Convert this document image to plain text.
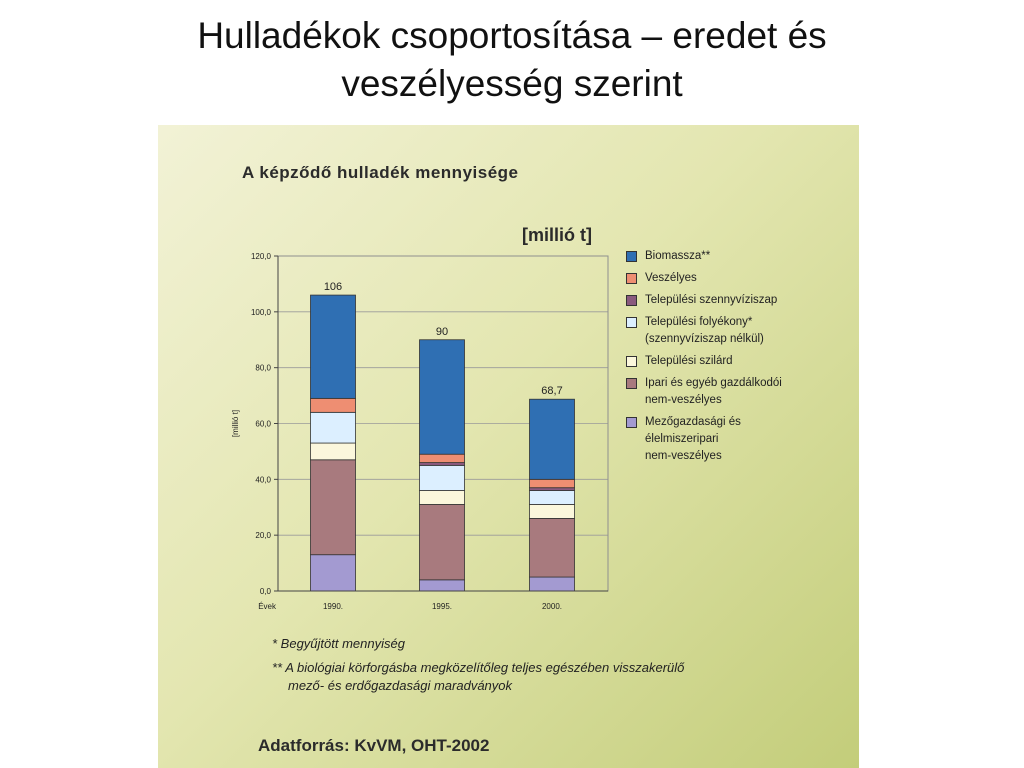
Hulladékok csoportosítása – eredet és
veszélyesség szerint
A képződő hulladék mennyisége
[millió t]
0,0
20,0
40,0
60,0
80,0
100,0
120,0
[millió t]
Évek
106
1990.
90
1995.
68,7
2000.
Biomassza**
Veszélyes
Települési szennyvíziszap
Települési folyékony*
(szennyvíziszap nélkül)
Települési szilárd
Ipari és egyéb gazdálkodói
nem-veszélyes
Mezőgazdasági és
élelmiszeripari
nem-veszélyes
* Begyűjtött mennyiség
** A biológiai körforgásba megközelítőleg teljes egészében visszakerülő
mező- és erdőgazdasági maradványok
Adatforrás: KvVM, OHT-2002
